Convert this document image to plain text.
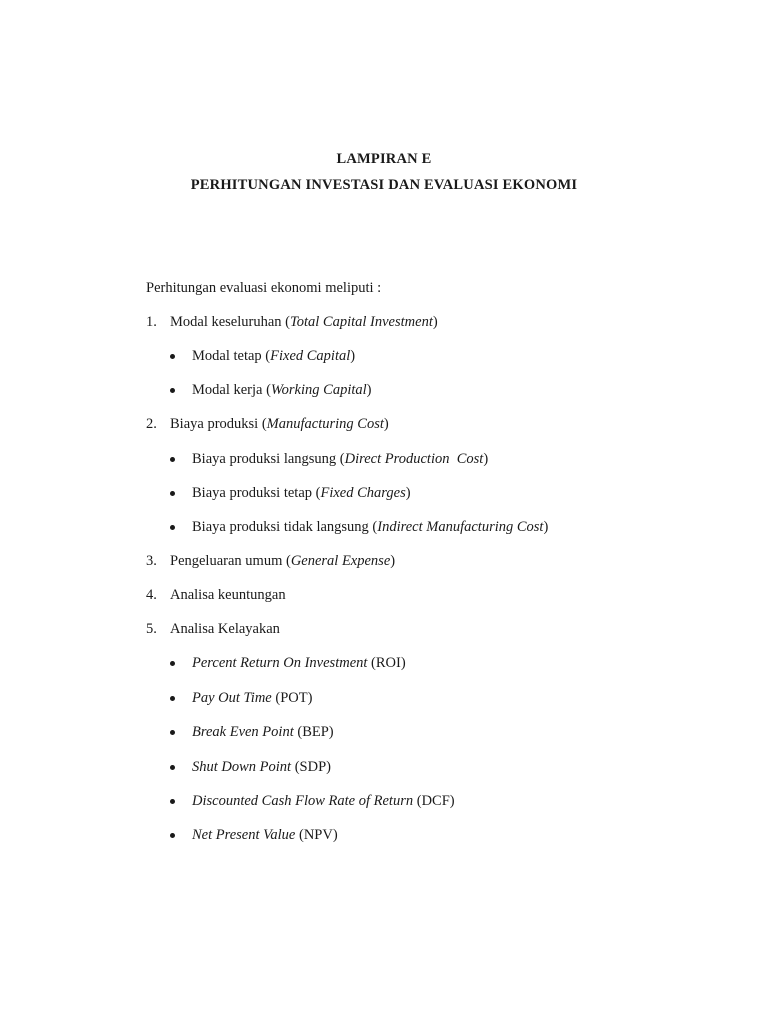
LAMPIRAN E
PERHITUNGAN INVESTASI DAN EVALUASI EKONOMI
Perhitungan evaluasi ekonomi meliputi :
1. Modal keseluruhan (Total Capital Investment)
Modal tetap (Fixed Capital)
Modal kerja (Working Capital)
2. Biaya produksi (Manufacturing Cost)
Biaya produksi langsung (Direct Production  Cost)
Biaya produksi tetap (Fixed Charges)
Biaya produksi tidak langsung (Indirect Manufacturing Cost)
3. Pengeluaran umum (General Expense)
4. Analisa keuntungan
5. Analisa Kelayakan
Percent Return On Investment (ROI)
Pay Out Time (POT)
Break Even Point (BEP)
Shut Down Point (SDP)
Discounted Cash Flow Rate of Return (DCF)
Net Present Value (NPV)
